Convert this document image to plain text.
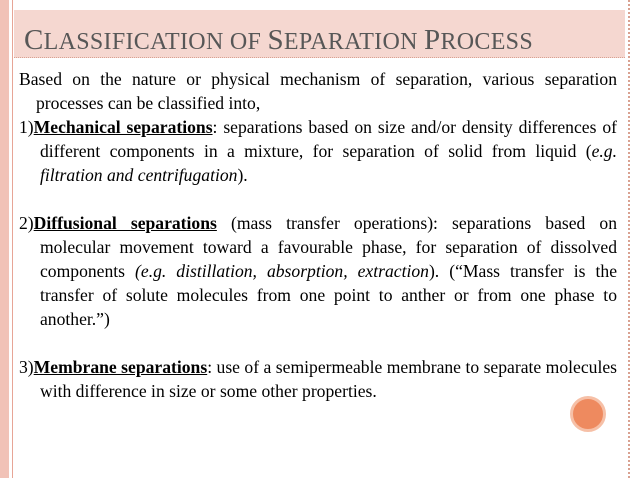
CLASSIFICATION OF SEPARATION PROCESS

Based on the nature or physical mechanism of separation, various separation processes can be classified into,

1)Mechanical separations: separations based on size and/or density differences of different components in a mixture, for separation of solid from liquid (e.g. filtration and centrifugation).

2)Diffusional separations (mass transfer operations): separations based on molecular movement toward a favourable phase, for separation of dissolved components (e.g. distillation, absorption, extraction). (“Mass transfer is the transfer of solute molecules from one point to anther or from one phase to another.”)

3)Membrane separations: use of a semipermeable membrane to separate molecules with difference in size or some other properties.
